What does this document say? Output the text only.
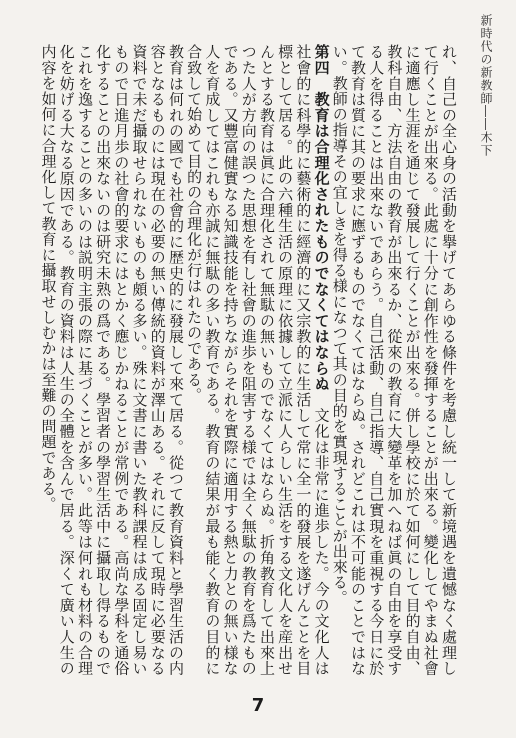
新時代の新教師――木下

れ、自己の全心身の活動を擧げてあらゆる條件を考慮し統一して新境遇を遺憾なく處理して行くことが出來る。此處に十分に創作性を發揮することが出來る。變化してやまぬ社會に適應し生涯を通じて發展して行くことが出來る。併し學校に於て如何にして目的自由、教科自由、方法自由の教育が出來るか、從來の教育に大變革を加へねば眞の自由を享受する人を得ることは出來ないであらう。自己活動、自己指導、自己實現を重視する今日に於て教育は質に其の要求に應ずるものでなくてはならぬ。されどこれは不可能のことではない。教師の指導その宜しきを得る様になつて其の目的を實現することが出來る。

第四　教育は合理化されたものでなくてはならぬ　文化は非常に進歩した。今の文化人は社會的に科學的に藝術的に經濟的に又宗教的に生活して常に全一的發展を遂げんことを目標として居る。此の六種生活の原理に依據して立派に人らしい生活をする文化人を産出せんとする教育は眞に合理化されて無駄の無いものでなくてはならぬ。折角教育して出來上つた人が方向の誤つた思想を有し社會の進歩を阻害する様では全く無駄の教育を爲たものである。又豐富健實なる知識技能を持ちながらそれを實際に適用する熱と力との無い様な人を育成してはこれも亦誠に無駄の多い教育である。教育の結果が最も能く教育の目的に合致して始めて目的の合理化が行はれたのである。

教育は何れの國でも社會的に歴史的に發展して來て居る。從つて教育資料と學習生活の内容となるものには現在の必要の無い傳統的資料が澤山ある。それに反して現時に必要なる資料で未だ攝取せられないものも頗る多い。殊に文書に書いた教科課程は成る固定し易いもので日進月歩の社會的要求にはとかく應じかねることが常例である。高尚な學科を通俗化することの出來ないのは研究未熟の爲である。學習者の學習生活中に攝取し得るものでこれを逸することの多いのは説明主張の際に基づくことが多い。此等は何れも材料の合理化を妨げる大なる原因である。教育の資料は人生の全體を含んで居る。深くて廣い人生の内容を如何に合理化して教育に攝取せしむかは至難の問題である。

7
